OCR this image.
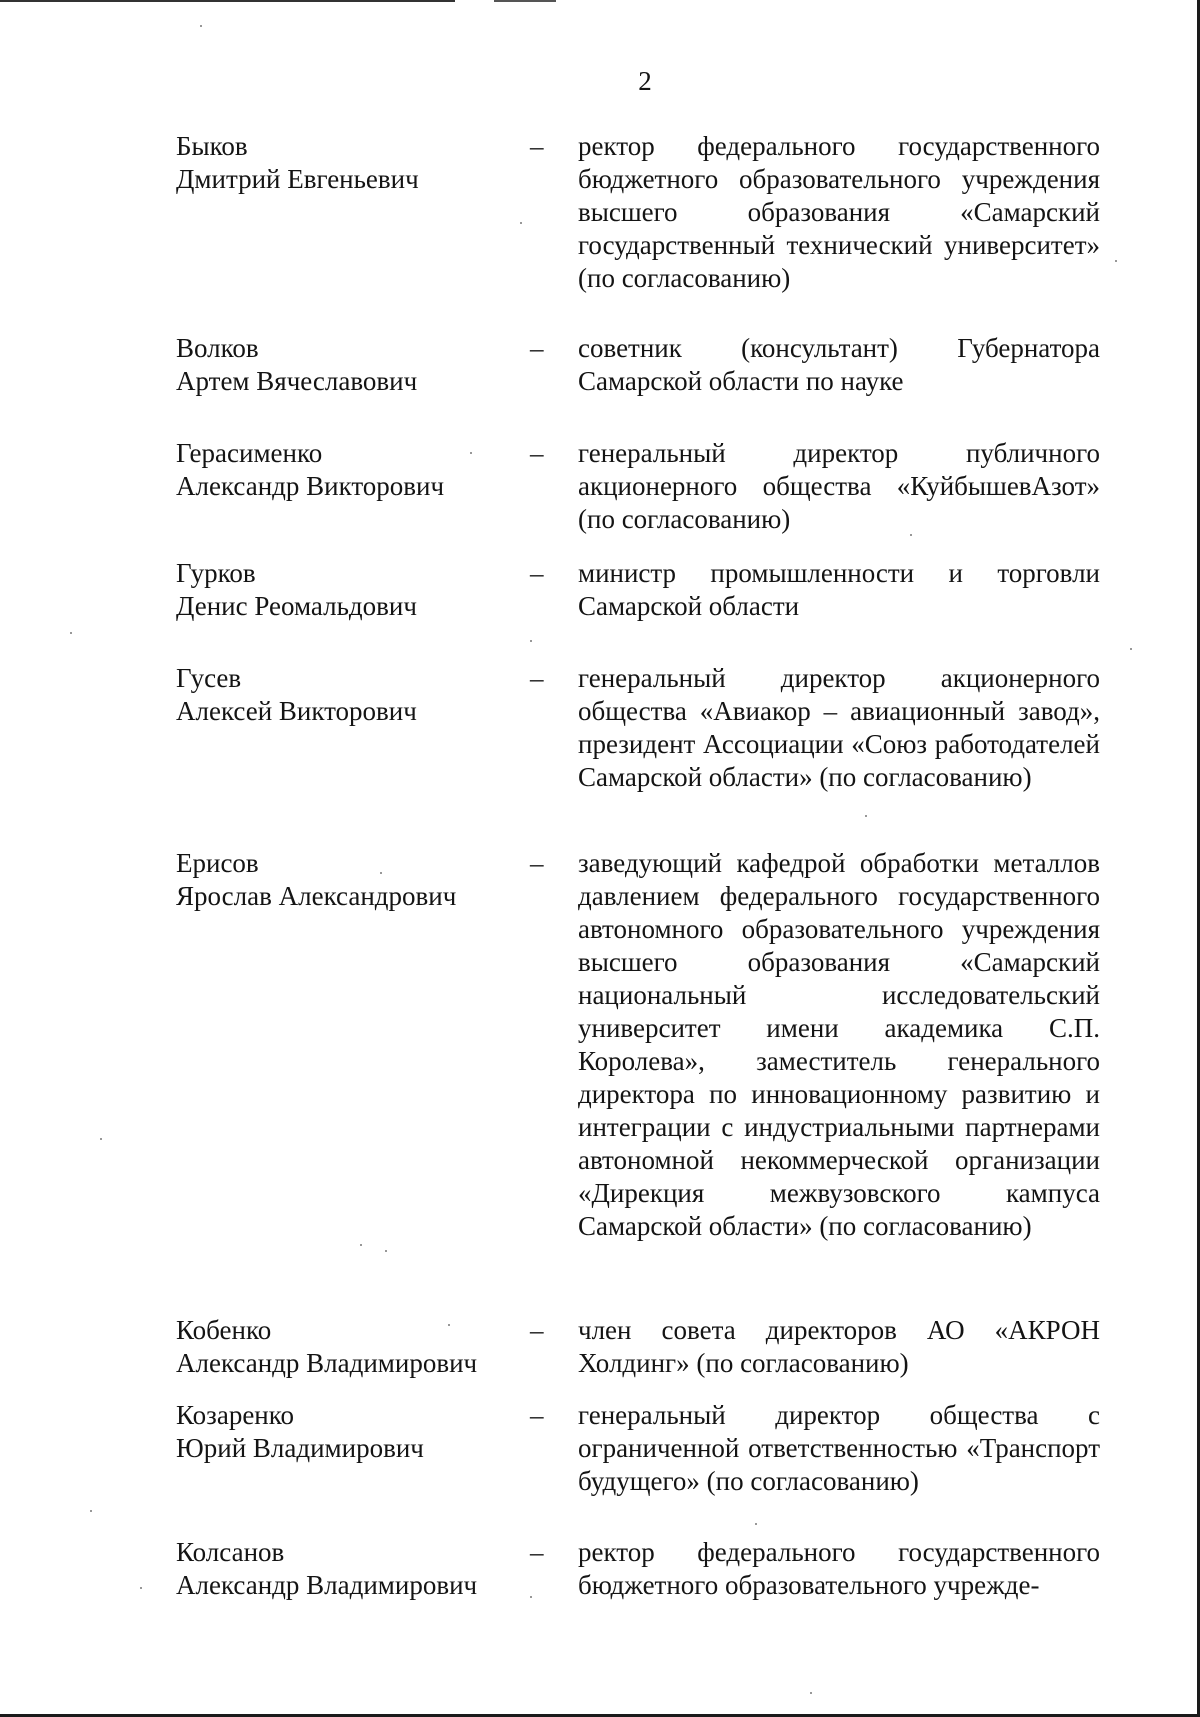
2
Быков
Дмитрий Евгеньевич
–	ректор федерального государственного бюджетного образовательного учреждения высшего образования «Самарский государственный технический университет» (по согласованию)
Волков
Артем Вячеславович
–	советник (консультант) Губернатора Самарской области по науке
Герасименко
Александр Викторович
–	генеральный директор публичного акционерного общества «КуйбышевАзот» (по согласованию)
Гурков
Денис Реомальдович
–	министр промышленности и торговли Самарской области
Гусев
Алексей Викторович
–	генеральный директор акционерного общества «Авиакор – авиационный завод», президент Ассоциации «Союз работодателей Самарской области» (по согласованию)
Ерисов
Ярослав Александрович
–	заведующий кафедрой обработки металлов давлением федерального государственного автономного образовательного учреждения высшего образования «Самарский национальный исследовательский университет имени академика С.П. Королева», заместитель генерального директора по инновационному развитию и интеграции с индустриальными партнерами автономной некоммерческой организации «Дирекция межвузовского кампуса Самарской области» (по согласованию)
Кобенко
Александр Владимирович
–	член совета директоров АО «АКРОН Холдинг» (по согласованию)
Козаренко
Юрий Владимирович
–	генеральный директор общества с ограниченной ответственностью «Транспорт будущего» (по согласованию)
Колсанов
Александр Владимирович
–	ректор федерального государственного бюджетного образовательного учрежде-
